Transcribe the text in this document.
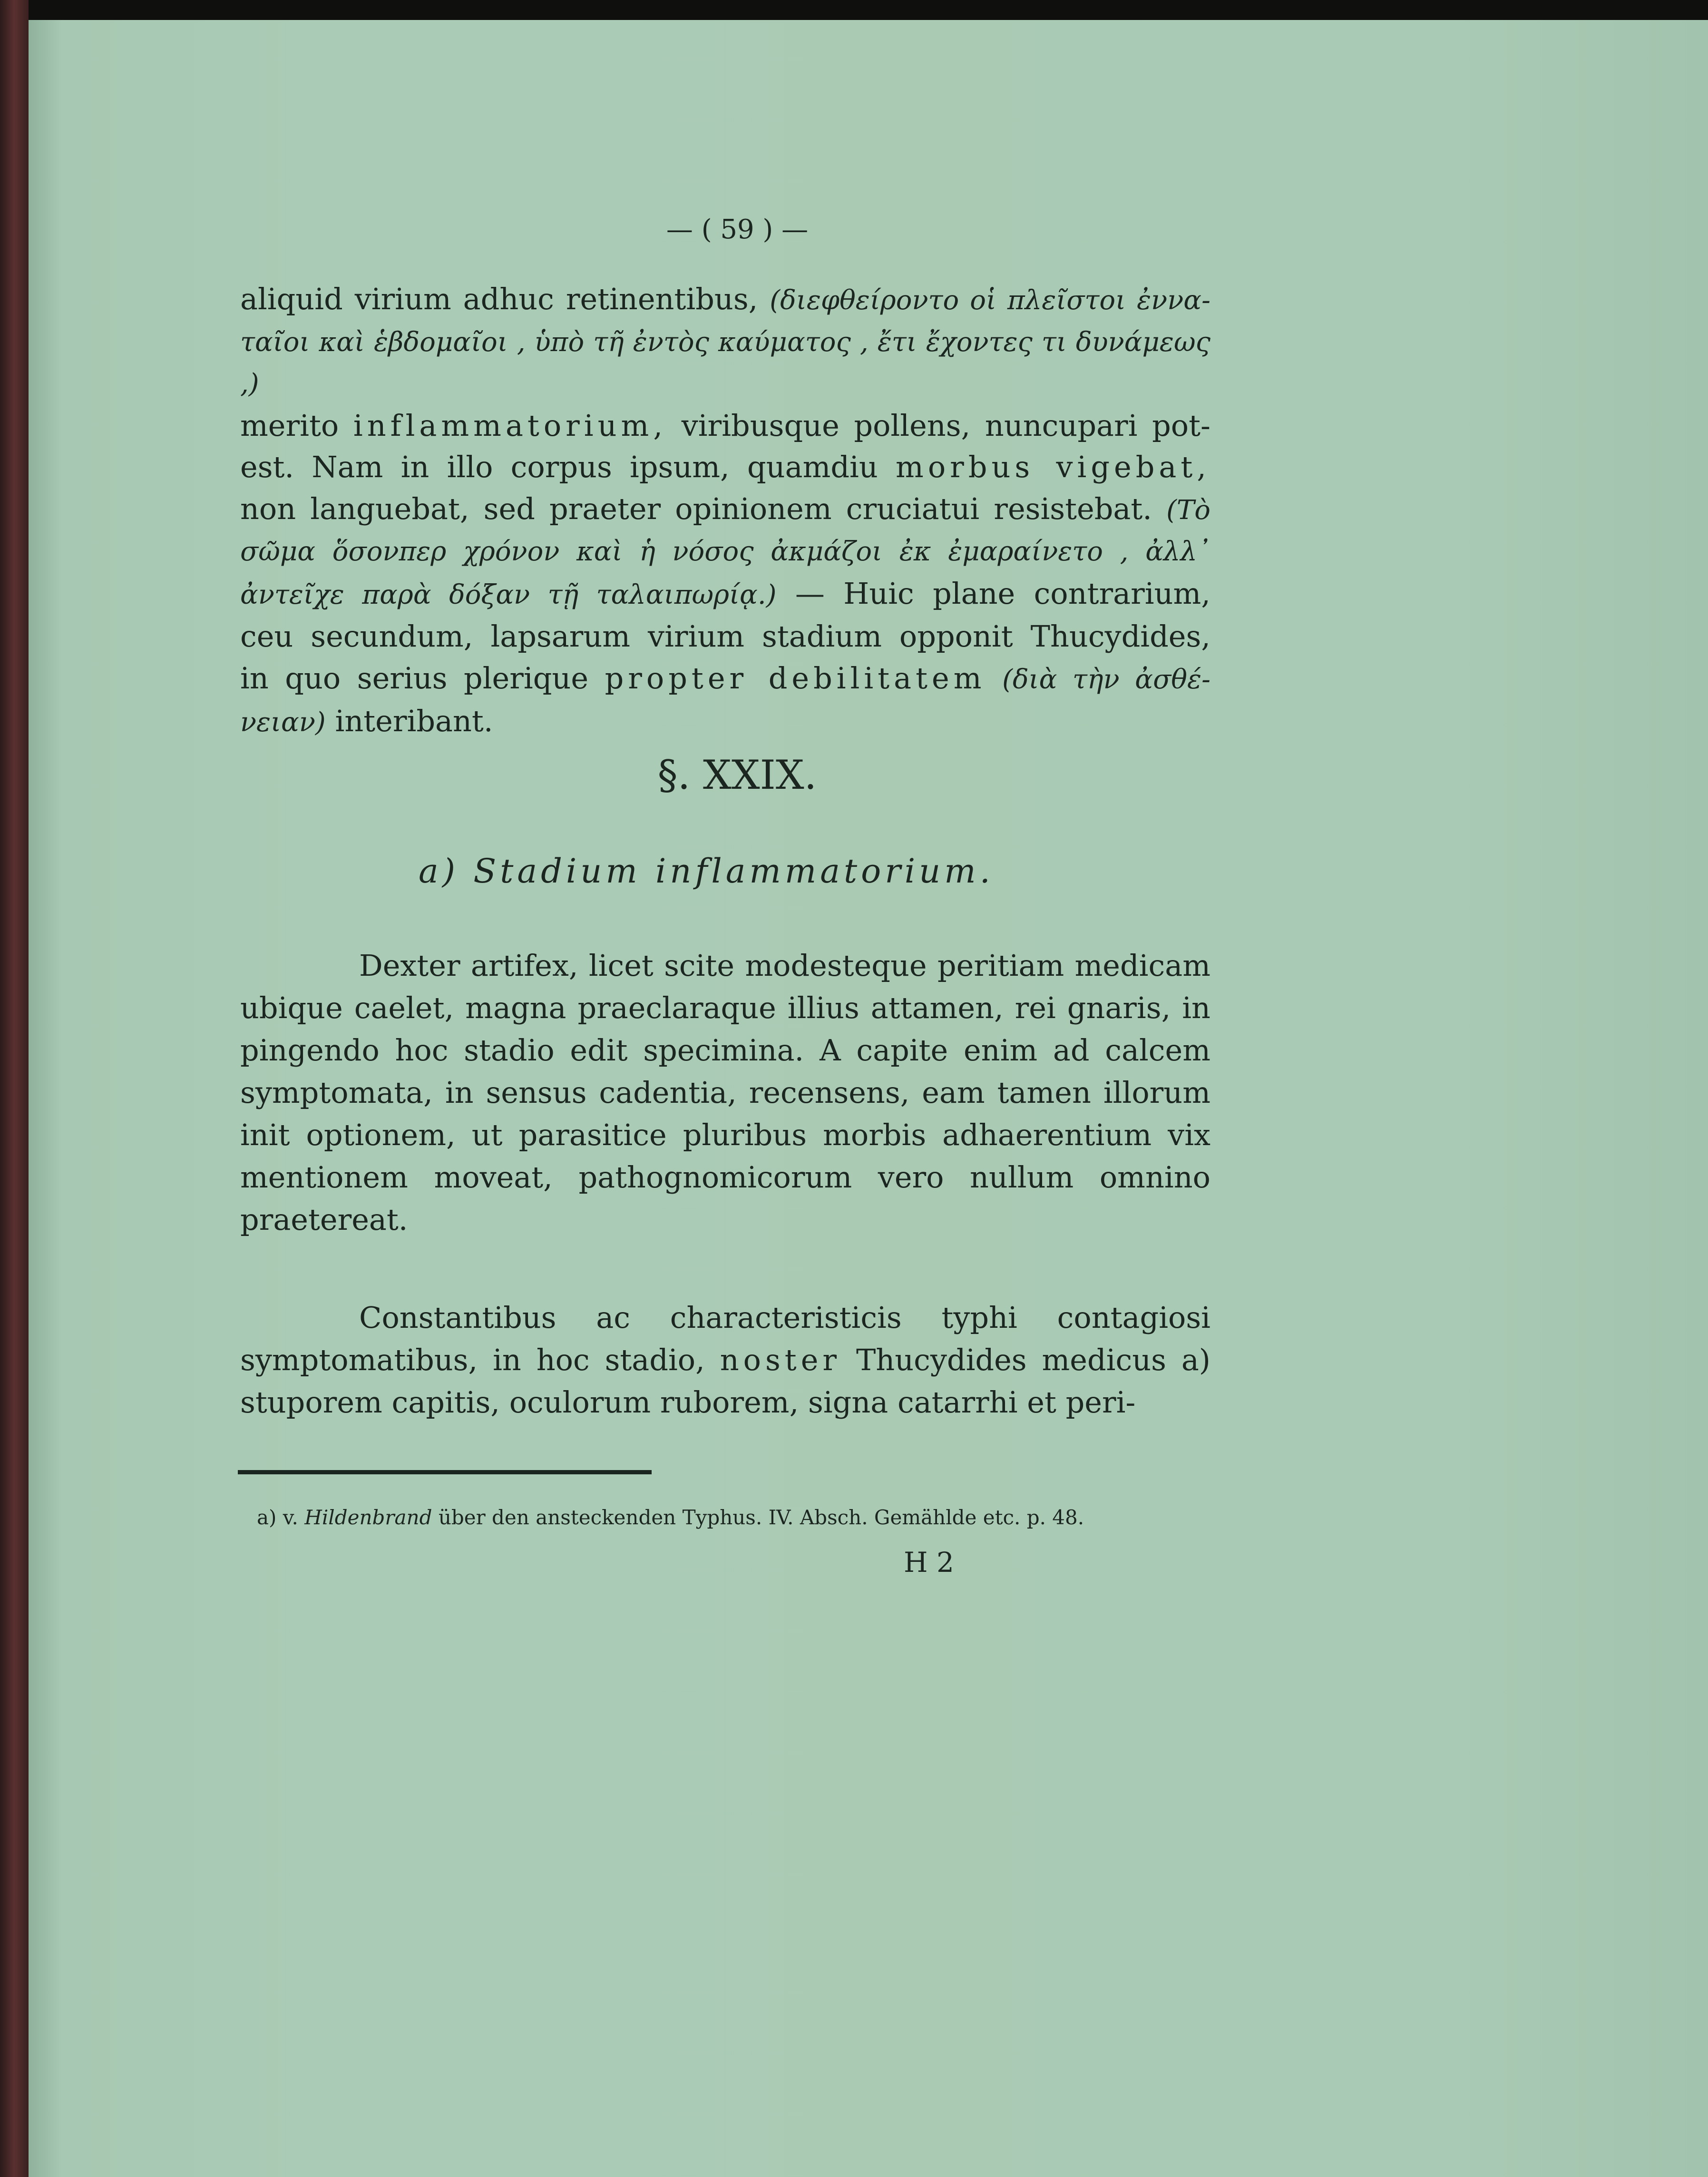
— ( 59 ) —
aliquid virium adhuc retinentibus, (διεφθείροντο οἱ πλεῖστοι ἐννα-
ταῖοι καὶ ἑβδομαῖοι , ὑπὸ τῆ ἐντὸς καύματος , ἔτι ἔχοντες τι δυνάμεως ,)
merito inflammatorium, viribusque pollens, nuncupari pot-
est. Nam in illo corpus ipsum, quamdiu morbus vigebat,
non languebat, sed praeter opinionem cruciatui resistebat. (Τὸ
σῶμα ὅσονπερ χρόνον καὶ ἡ νόσος ἀκμάζοι ἐκ ἐμαραίνετο , ἀλλ᾽
ἀντεῖχε παρὰ δόξαν τῇ ταλαιπωρίᾳ.) — Huic plane contrarium,
ceu secundum, lapsarum virium stadium opponit Thucydides,
in quo serius plerique propter debilitatem (διὰ τὴν ἀσθέ-
νειαν) interibant.
§. XXIX.
a) Stadium inflammatorium.
Dexter artifex, licet scite modesteque peritiam medicam ubique caelet, magna praeclaraque illius attamen, rei gnaris, in pingendo hoc stadio edit specimina. A capite enim ad calcem symptomata, in sensus cadentia, recensens, eam tamen illorum init optionem, ut parasitice pluribus morbis adhaerentium vix mentionem moveat, pathognomicorum vero nullum omnino praetereat.
Constantibus ac characteristicis typhi contagiosi symptomatibus, in hoc stadio, noster Thucydides medicus a) stuporem capitis, oculorum ruborem, signa catarrhi et peri-
a) v. Hildenbrand über den ansteckenden Typhus. IV. Absch. Gemählde etc. p. 48.
H 2
